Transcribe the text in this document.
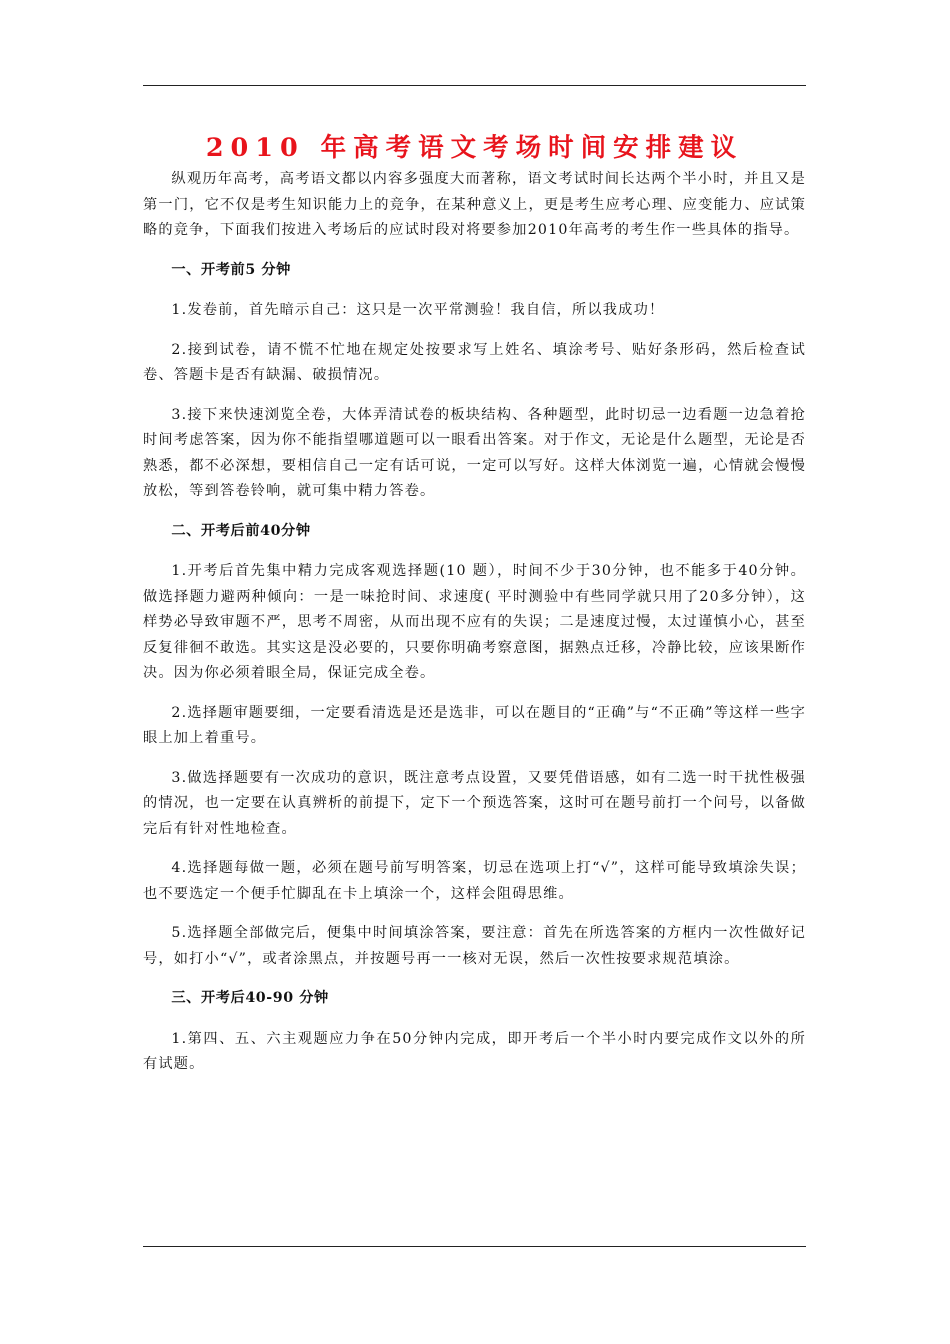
2010 年高考语文考场时间安排建议

纵观历年高考，高考语文都以内容多强度大而著称，语文考试时间长达两个半小时，并且又是第一门，它不仅是考生知识能力上的竞争，在某种意义上，更是考生应考心理、应变能力、应试策略的竞争，下面我们按进入考场后的应试时段对将要参加2010年高考的考生作一些具体的指导。

一、开考前5 分钟

1.发卷前，首先暗示自己：这只是一次平常测验！我自信，所以我成功！

2.接到试卷，请不慌不忙地在规定处按要求写上姓名、填涂考号、贴好条形码，然后检查试卷、答题卡是否有缺漏、破损情况。

3.接下来快速浏览全卷，大体弄清试卷的板块结构、各种题型，此时切忌一边看题一边急着抢时间考虑答案，因为你不能指望哪道题可以一眼看出答案。对于作文，无论是什么题型，无论是否熟悉，都不必深想，要相信自己一定有话可说，一定可以写好。这样大体浏览一遍，心情就会慢慢放松，等到答卷铃响，就可集中精力答卷。

二、开考后前40分钟

1.开考后首先集中精力完成客观选择题(10 题），时间不少于30分钟，也不能多于40分钟。做选择题力避两种倾向：一是一味抢时间、求速度( 平时测验中有些同学就只用了20多分钟），这样势必导致审题不严，思考不周密，从而出现不应有的失误；二是速度过慢，太过谨慎小心，甚至反复徘徊不敢选。其实这是没必要的，只要你明确考察意图，据熟点迁移，冷静比较，应该果断作决。因为你必须着眼全局，保证完成全卷。

2.选择题审题要细，一定要看清选是还是选非，可以在题目的“正确”与“不正确”等这样一些字眼上加上着重号。

3.做选择题要有一次成功的意识，既注意考点设置，又要凭借语感，如有二选一时干扰性极强的情况，也一定要在认真辨析的前提下，定下一个预选答案，这时可在题号前打一个问号，以备做完后有针对性地检查。

4.选择题每做一题，必须在题号前写明答案，切忌在选项上打“√”，这样可能导致填涂失误；也不要选定一个便手忙脚乱在卡上填涂一个，这样会阻碍思维。

5.选择题全部做完后，便集中时间填涂答案，要注意：首先在所选答案的方框内一次性做好记号，如打小“√”，或者涂黑点，并按题号再一一核对无误，然后一次性按要求规范填涂。

三、开考后40-90 分钟

1.第四、五、六主观题应力争在50分钟内完成，即开考后一个半小时内要完成作文以外的所有试题。
